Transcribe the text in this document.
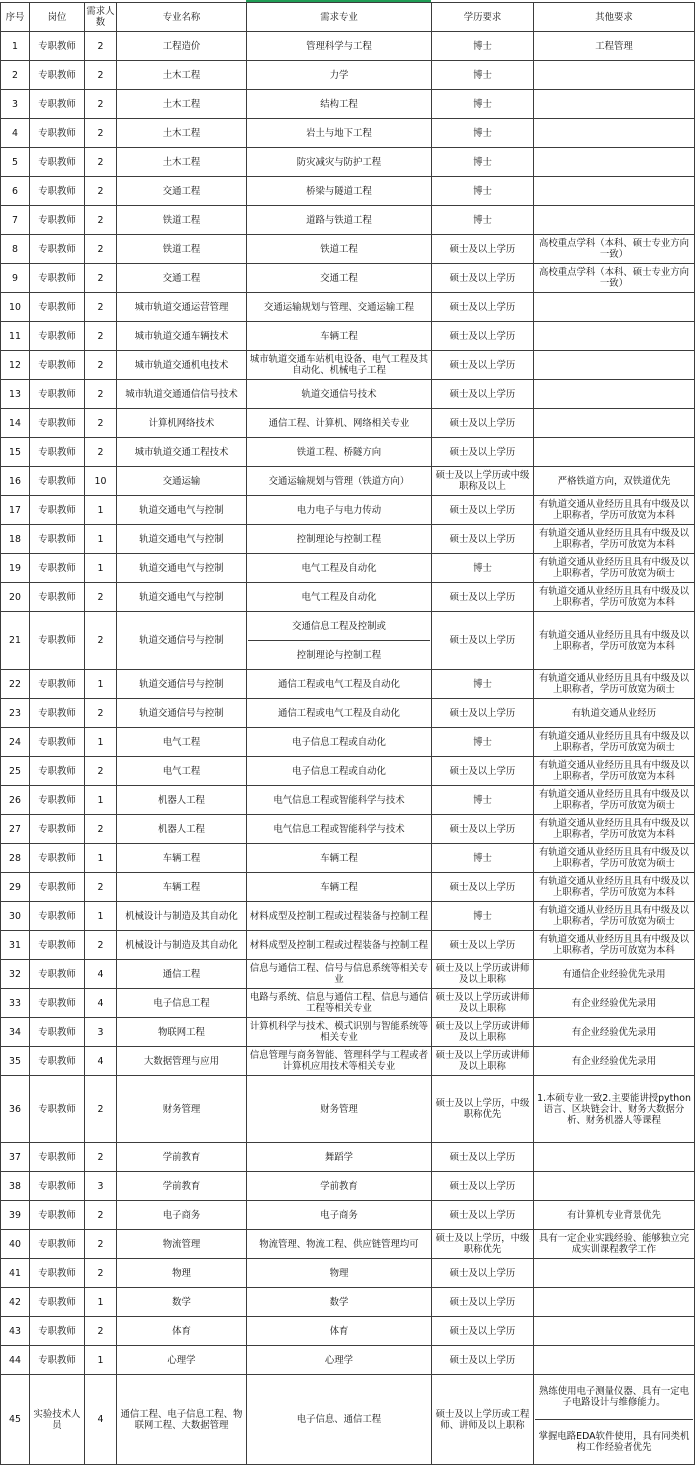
序号	岗位	需求人数	专业名称	需求专业	学历要求	其他要求
1	专职教师	2	工程造价	管理科学与工程	博士	工程管理
2	专职教师	2	土木工程	力学	博士	
3	专职教师	2	土木工程	结构工程	博士	
4	专职教师	2	土木工程	岩土与地下工程	博士	
5	专职教师	2	土木工程	防灾减灾与防护工程	博士	
6	专职教师	2	交通工程	桥梁与隧道工程	博士	
7	专职教师	2	铁道工程	道路与铁道工程	博士	
8	专职教师	2	铁道工程	铁道工程	硕士及以上学历	高校重点学科（本科、硕士专业方向一致）
9	专职教师	2	交通工程	交通工程	硕士及以上学历	高校重点学科（本科、硕士专业方向一致）
10	专职教师	2	城市轨道交通运营管理	交通运输规划与管理、交通运输工程	硕士及以上学历	
11	专职教师	2	城市轨道交通车辆技术	车辆工程	硕士及以上学历	
12	专职教师	2	城市轨道交通机电技术	城市轨道交通车站机电设备、电气工程及其自动化、机械电子工程	硕士及以上学历	
13	专职教师	2	城市轨道交通通信信号技术	轨道交通信号技术	硕士及以上学历	
14	专职教师	2	计算机网络技术	通信工程、计算机、网络相关专业	硕士及以上学历	
15	专职教师	2	城市轨道交通工程技术	铁道工程、桥隧方向	硕士及以上学历	
16	专职教师	10	交通运输	交通运输规划与管理（铁道方向）	硕士及以上学历或中级职称及以上	严格铁道方向，双铁道优先
17	专职教师	1	轨道交通电气与控制	电力电子与电力传动	硕士及以上学历	有轨道交通从业经历且具有中级及以上职称者，学历可放宽为本科
18	专职教师	1	轨道交通电气与控制	控制理论与控制工程	硕士及以上学历	有轨道交通从业经历且具有中级及以上职称者，学历可放宽为本科
19	专职教师	1	轨道交通电气与控制	电气工程及自动化	博士	有轨道交通从业经历且具有中级及以上职称者，学历可放宽为硕士
20	专职教师	2	轨道交通电气与控制	电气工程及自动化	硕士及以上学历	有轨道交通从业经历且具有中级及以上职称者，学历可放宽为本科
21	专职教师	2	轨道交通信号与控制	交通信息工程及控制或
控制理论与控制工程	硕士及以上学历	有轨道交通从业经历且具有中级及以上职称者，学历可放宽为本科
22	专职教师	1	轨道交通信号与控制	通信工程或电气工程及自动化	博士	有轨道交通从业经历且具有中级及以上职称者，学历可放宽为硕士
23	专职教师	2	轨道交通信号与控制	通信工程或电气工程及自动化	硕士及以上学历	有轨道交通从业经历
24	专职教师	1	电气工程	电子信息工程或自动化	博士	有轨道交通从业经历且具有中级及以上职称者，学历可放宽为硕士
25	专职教师	2	电气工程	电子信息工程或自动化	硕士及以上学历	有轨道交通从业经历且具有中级及以上职称者，学历可放宽为本科
26	专职教师	1	机器人工程	电气信息工程或智能科学与技术	博士	有轨道交通从业经历且具有中级及以上职称者，学历可放宽为硕士
27	专职教师	2	机器人工程	电气信息工程或智能科学与技术	硕士及以上学历	有轨道交通从业经历且具有中级及以上职称者，学历可放宽为本科
28	专职教师	1	车辆工程	车辆工程	博士	有轨道交通从业经历且具有中级及以上职称者，学历可放宽为硕士
29	专职教师	2	车辆工程	车辆工程	硕士及以上学历	有轨道交通从业经历且具有中级及以上职称者，学历可放宽为本科
30	专职教师	1	机械设计与制造及其自动化	材料成型及控制工程或过程装备与控制工程	博士	有轨道交通从业经历且具有中级及以上职称者，学历可放宽为硕士
31	专职教师	2	机械设计与制造及其自动化	材料成型及控制工程或过程装备与控制工程	硕士及以上学历	有轨道交通从业经历且具有中级及以上职称者，学历可放宽为本科
32	专职教师	4	通信工程	信息与通信工程、信号与信息系统等相关专业	硕士及以上学历或讲师及以上职称	有通信企业经验优先录用
33	专职教师	4	电子信息工程	电路与系统、信息与通信工程、信息与通信工程等相关专业	硕士及以上学历或讲师及以上职称	有企业经验优先录用
34	专职教师	3	物联网工程	计算机科学与技术、模式识别与智能系统等相关专业	硕士及以上学历或讲师及以上职称	有企业经验优先录用
35	专职教师	4	大数据管理与应用	信息管理与商务智能、管理科学与工程或者计算机应用技术等相关专业	硕士及以上学历或讲师及以上职称	有企业经验优先录用
36	专职教师	2	财务管理	财务管理	硕士及以上学历，中级职称优先	1.本硕专业一致2.主要能讲授python语言、区块链会计、财务大数据分析、财务机器人等课程
37	专职教师	2	学前教育	舞蹈学	硕士及以上学历	
38	专职教师	3	学前教育	学前教育	硕士及以上学历	
39	专职教师	2	电子商务	电子商务	硕士及以上学历	有计算机专业背景优先
40	专职教师	2	物流管理	物流管理、物流工程、供应链管理均可	硕士及以上学历，中级职称优先	具有一定企业实践经验、能够独立完成实训课程教学工作
41	专职教师	2	物理	物理	硕士及以上学历	
42	专职教师	1	数学	数学	硕士及以上学历	
43	专职教师	2	体育	体育	硕士及以上学历	
44	专职教师	1	心理学	心理学	硕士及以上学历	
45	实验技术人员	4	通信工程、电子信息工程、物联网工程、大数据管理	电子信息、通信工程	硕士及以上学历或工程师、讲师及以上职称	熟练使用电子测量仪器、具有一定电子电路设计与维修能力。
掌握电路EDA软件使用，具有同类机构工作经验者优先
